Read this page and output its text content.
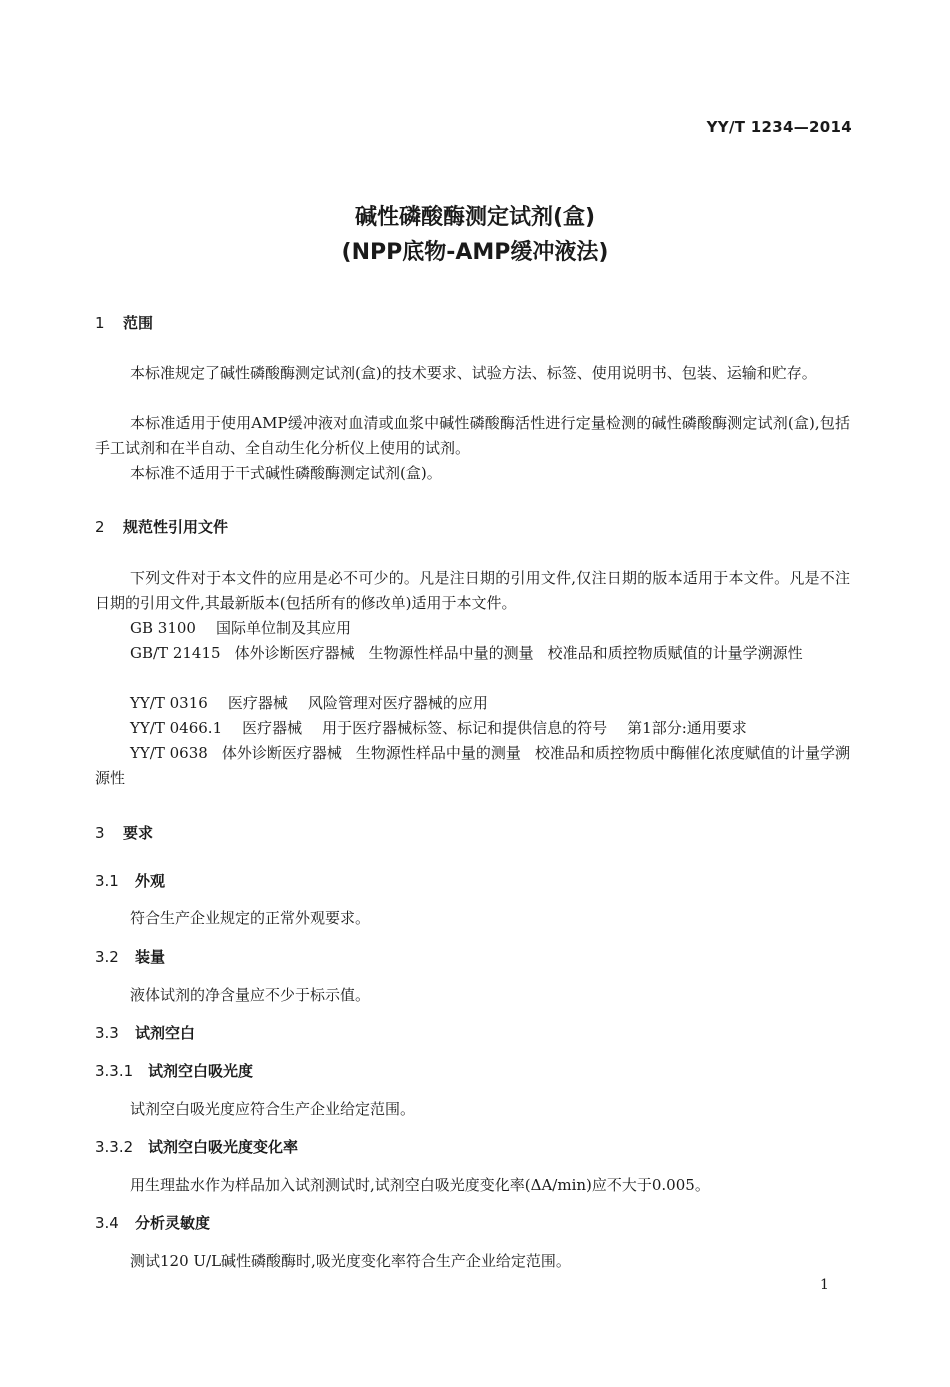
YY/T 1234—2014
碱性磷酸酶测定试剂(盒)
(NPP底物-AMP缓冲液法)
1 范围
本标准规定了碱性磷酸酶测定试剂(盒)的技术要求、试验方法、标签、使用说明书、包装、运输和贮存。
本标准适用于使用AMP缓冲液对血清或血浆中碱性磷酸酶活性进行定量检测的碱性磷酸酶测定试剂(盒),包括手工试剂和在半自动、全自动生化分析仪上使用的试剂。
本标准不适用于干式碱性磷酸酶测定试剂(盒)。
2 规范性引用文件
下列文件对于本文件的应用是必不可少的。凡是注日期的引用文件,仅注日期的版本适用于本文件。凡是不注日期的引用文件,其最新版本(包括所有的修改单)适用于本文件。
GB 3100 国际单位制及其应用
GB/T 21415 体外诊断医疗器械 生物源性样品中量的测量 校准品和质控物质赋值的计量学溯源性
YY/T 0316 医疗器械 风险管理对医疗器械的应用
YY/T 0466.1 医疗器械 用于医疗器械标签、标记和提供信息的符号 第1部分:通用要求
YY/T 0638 体外诊断医疗器械 生物源性样品中量的测量 校准品和质控物质中酶催化浓度赋值的计量学溯源性
3 要求
3.1 外观
符合生产企业规定的正常外观要求。
3.2 装量
液体试剂的净含量应不少于标示值。
3.3 试剂空白
3.3.1 试剂空白吸光度
试剂空白吸光度应符合生产企业给定范围。
3.3.2 试剂空白吸光度变化率
用生理盐水作为样品加入试剂测试时,试剂空白吸光度变化率(ΔA/min)应不大于0.005。
3.4 分析灵敏度
测试120 U/L碱性磷酸酶时,吸光度变化率符合生产企业给定范围。
1
